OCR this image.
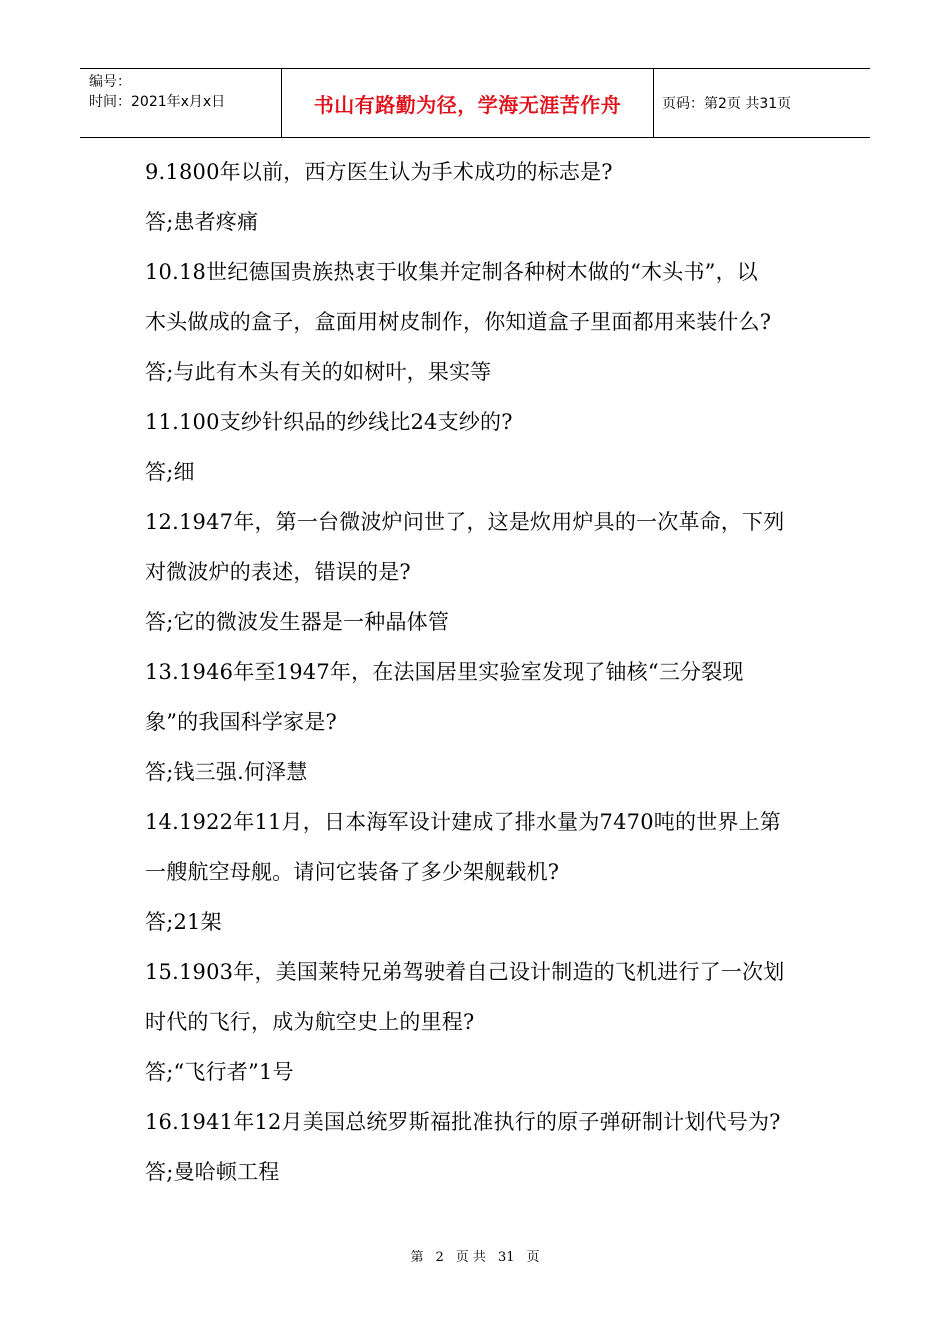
编号：
时间：2021年x月x日	书山有路勤为径，学海无涯苦作舟	页码：第2页 共31页
9.1800年以前，西方医生认为手术成功的标志是?
答;患者疼痛
10.18世纪德国贵族热衷于收集并定制各种树木做的“木头书”，以
木头做成的盒子，盒面用树皮制作，你知道盒子里面都用来装什么?
答;与此有木头有关的如树叶，果实等
11.100支纱针织品的纱线比24支纱的?
答;细
12.1947年，第一台微波炉问世了，这是炊用炉具的一次革命，下列
对微波炉的表述，错误的是?
答;它的微波发生器是一种晶体管
13.1946年至1947年，在法国居里实验室发现了铀核“三分裂现
象”的我国科学家是?
答;钱三强.何泽慧
14.1922年11月，日本海军设计建成了排水量为7470吨的世界上第
一艘航空母舰。请问它装备了多少架舰载机?
答;21架
15.1903年，美国莱特兄弟驾驶着自己设计制造的飞机进行了一次划
时代的飞行，成为航空史上的里程?
答;“飞行者”1号
16.1941年12月美国总统罗斯福批准执行的原子弹研制计划代号为?
答;曼哈顿工程
第 2 页 共 31 页
